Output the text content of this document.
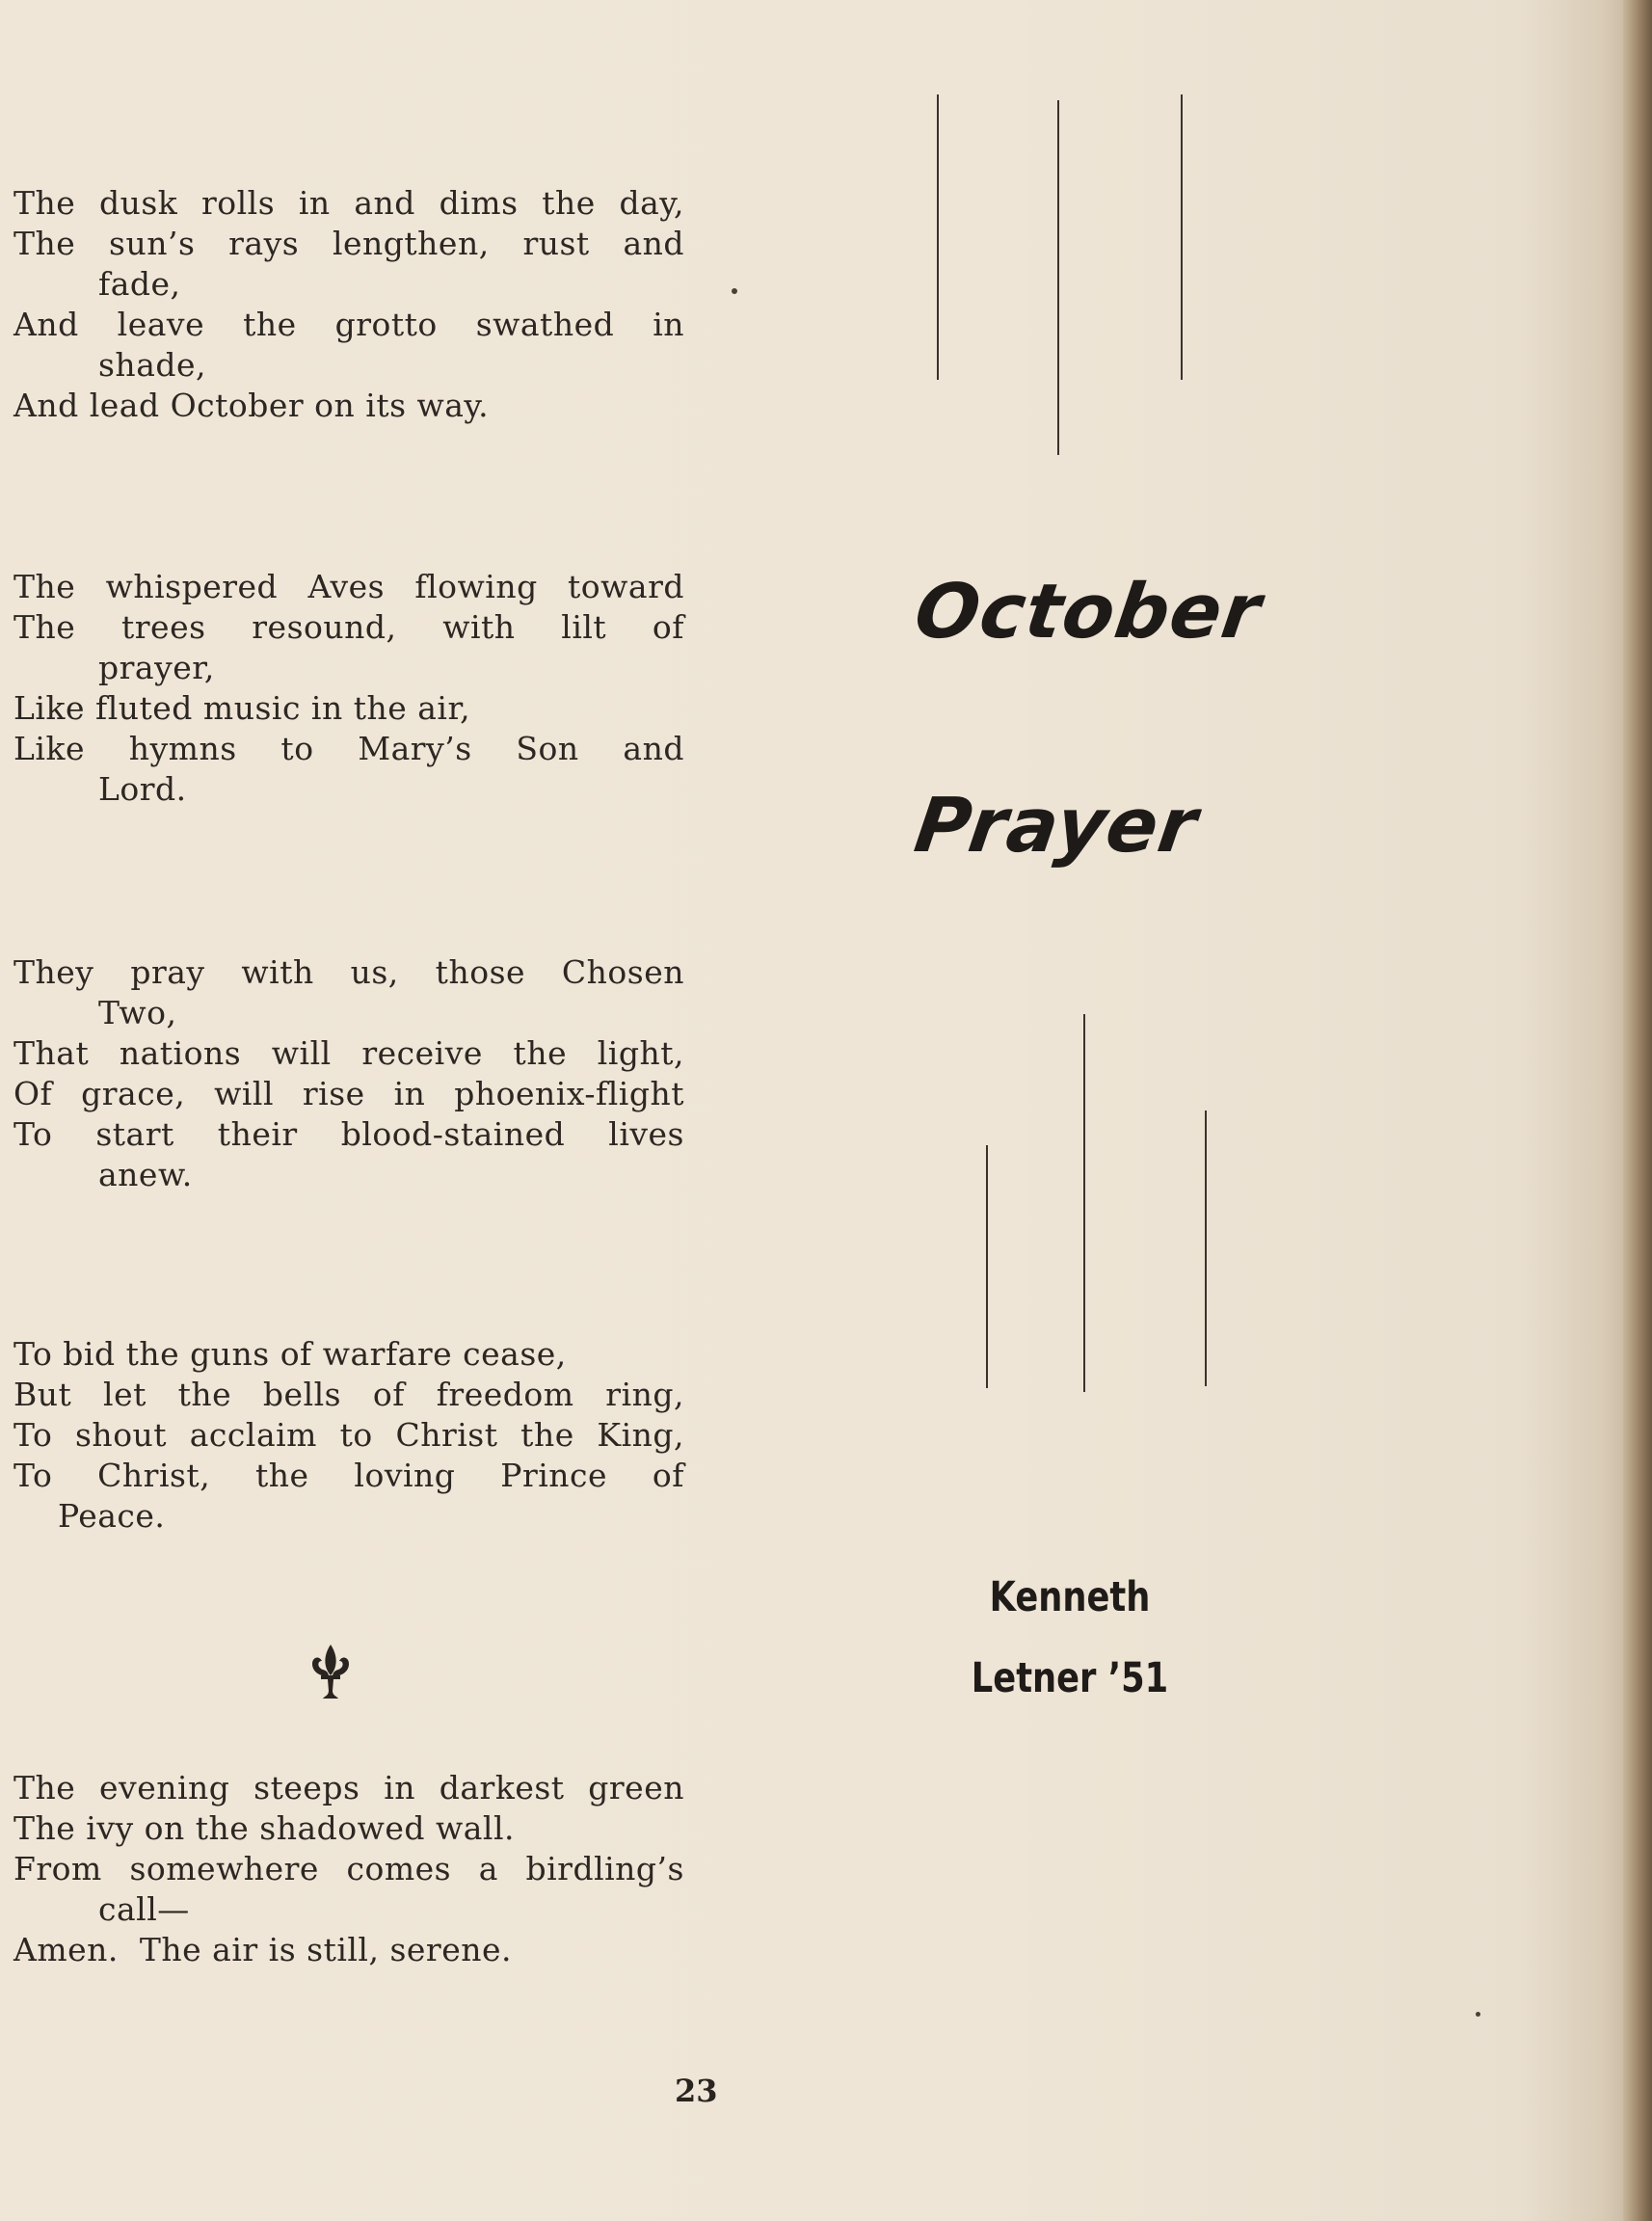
The dusk rolls in and dims the day,
The sun’s rays lengthen, rust and
fade,
And leave the grotto swathed in
shade,
And lead October on its way.
The whispered Aves flowing toward
The trees resound, with lilt of
prayer,
Like fluted music in the air,
Like hymns to Mary’s Son and
Lord.
They pray with us, those Chosen
Two,
That nations will receive the light,
Of grace, will rise in phoenix-flight
To start their blood-stained lives
anew.
To bid the guns of warfare cease,
But let the bells of freedom ring,
To shout acclaim to Christ the King,
To Christ, the loving Prince of
Peace.
The evening steeps in darkest green
The ivy on the shadowed wall.
From somewhere comes a birdling’s
call—
Amen.  The air is still, serene.
October
Prayer
Kenneth
Letner ’51
23
